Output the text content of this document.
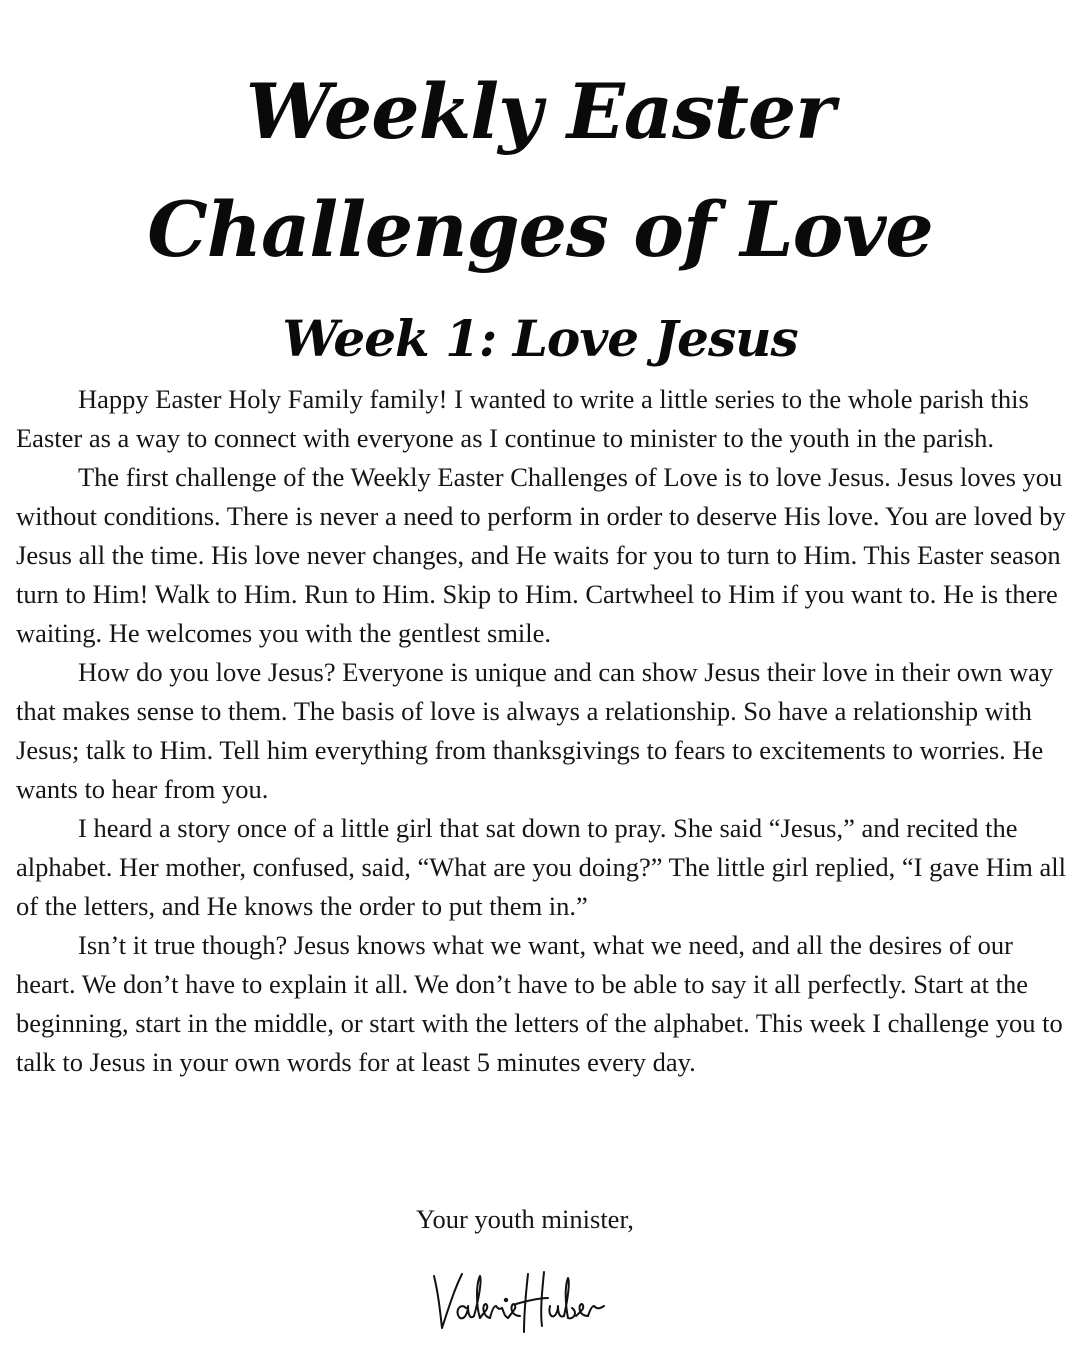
Weekly Easter
Challenges of Love
Week 1: Love Jesus

Happy Easter Holy Family family! I wanted to write a little series to the whole parish this Easter as a way to connect with everyone as I continue to minister to the youth in the parish.

The first challenge of the Weekly Easter Challenges of Love is to love Jesus. Jesus loves you without conditions. There is never a need to perform in order to deserve His love. You are loved by Jesus all the time. His love never changes, and He waits for you to turn to Him. This Easter season turn to Him! Walk to Him. Run to Him. Skip to Him. Cartwheel to Him if you want to. He is there waiting. He welcomes you with the gentlest smile.

How do you love Jesus? Everyone is unique and can show Jesus their love in their own way that makes sense to them. The basis of love is always a relationship. So have a relationship with Jesus; talk to Him. Tell him everything from thanksgivings to fears to excitements to worries. He wants to hear from you.

I heard a story once of a little girl that sat down to pray. She said “Jesus,” and recited the alphabet. Her mother, confused, said, “What are you doing?” The little girl replied, “I gave Him all of the letters, and He knows the order to put them in.”

Isn’t it true though? Jesus knows what we want, what we need, and all the desires of our heart. We don’t have to explain it all. We don’t have to be able to say it all perfectly. Start at the beginning, start in the middle, or start with the letters of the alphabet. This week I challenge you to talk to Jesus in your own words for at least 5 minutes every day.

Your youth minister,
